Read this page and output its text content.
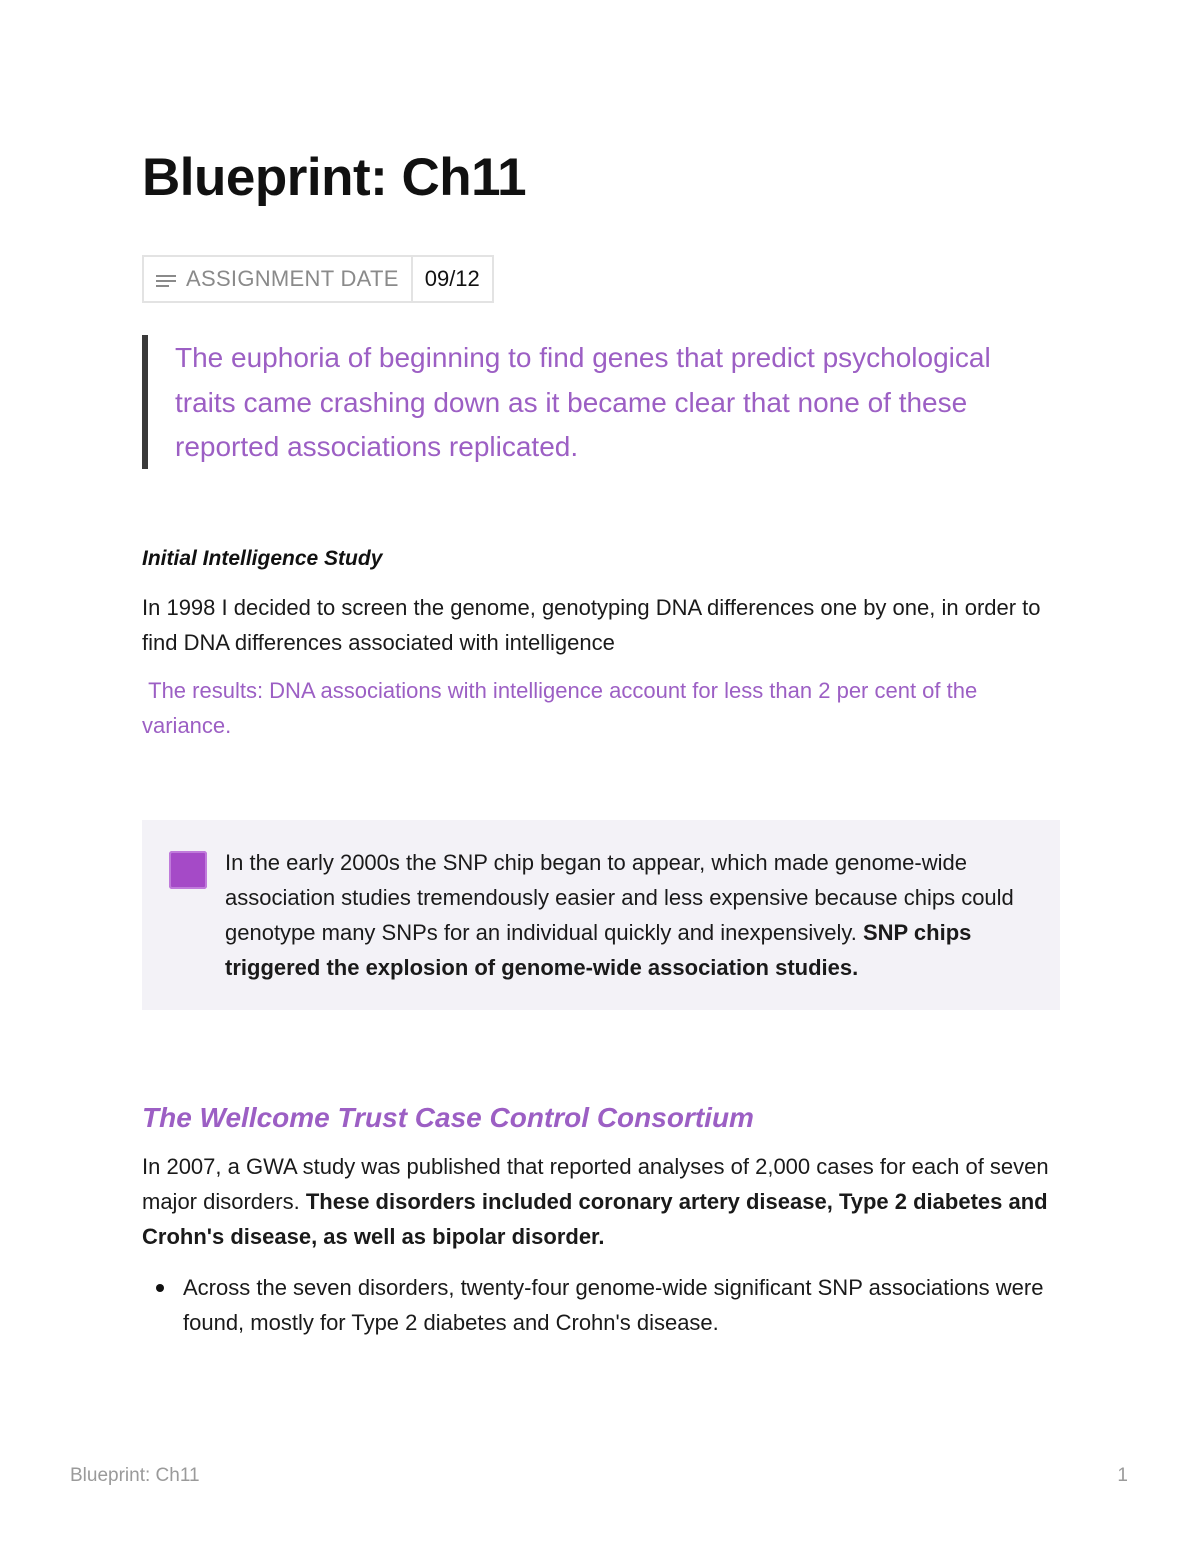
Blueprint: Ch11
ASSIGNMENT DATE	09/12
The euphoria of beginning to find genes that predict psychological traits came crashing down as it became clear that none of these reported associations replicated.
Initial Intelligence Study

In 1998 I decided to screen the genome, genotyping DNA differences one by one, in order to find DNA differences associated with intelligence

The results: DNA associations with intelligence account for less than 2 per cent of the variance.

In the early 2000s the SNP chip began to appear, which made genome-wide association studies tremendously easier and less expensive because chips could genotype many SNPs for an individual quickly and inexpensively. SNP chips triggered the explosion of genome-wide association studies.
The Wellcome Trust Case Control Consortium

In 2007, a GWA study was published that reported analyses of 2,000 cases for each of seven major disorders. These disorders included coronary artery disease, Type 2 diabetes and Crohn's disease, as well as bipolar disorder.

Across the seven disorders, twenty-four genome-wide significant SNP associations were found, mostly for Type 2 diabetes and Crohn's disease.
Blueprint: Ch11	1
